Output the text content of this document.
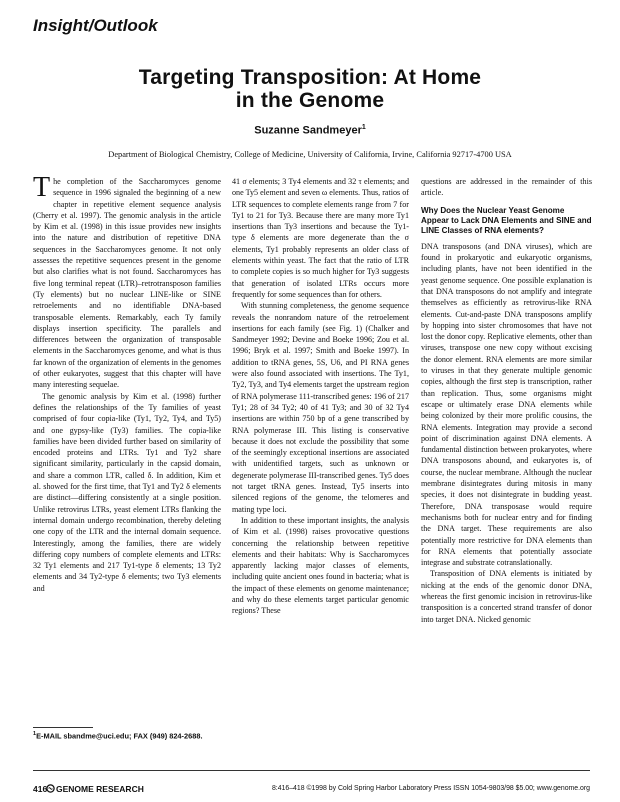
Insight/Outlook
Targeting Transposition: At Home
in the Genome
Suzanne Sandmeyer$^1$
Department of Biological Chemistry, College of Medicine, University of California, Irvine, California 92717-4700 USA

The completion of the Saccharomyces genome sequence in 1996 signaled the beginning of a new chapter in repetitive element sequence analysis (Cherry et al. 1997). The genomic analysis in the article by Kim et al. (1998) in this issue provides new insights into the nature and distribution of repetitive DNA sequences in the Saccharomyces genome. It not only assesses the repetitive sequences present in the genome but also clarifies what is not found. Saccharomyces has five long terminal repeat (LTR)–retrotransposon families (Ty elements) but no nuclear LINE-like or SINE retroelements and no identifiable DNA-based transposable elements. Remarkably, each Ty family displays insertion specificity. The parallels and differences between the organization of transposable elements in the Saccharomyces genome, and what is thus far known of the organization of elements in the genomes of other eukaryotes, suggest that this chapter will have many interesting sequelae.

The genomic analysis by Kim et al. (1998) further defines the relationships of the Ty families of yeast comprised of four copia-like (Ty1, Ty2, Ty4, and Ty5) and one gypsy-like (Ty3) families. The copia-like families have been divided further based on similarity of encoded proteins and LTRs. Ty1 and Ty2 share significant similarity, particularly in the capsid domain, and share a common LTR, called δ. In addition, Kim et al. showed for the first time, that Ty1 and Ty2 δ elements are distinct—differing consistently at a single position. Unlike retrovirus LTRs, yeast element LTRs flanking the internal domain undergo recombination, thereby deleting one copy of the LTR and the internal domain sequence. Interestingly, among the families, there are widely differing copy numbers of complete elements and LTRs: 32 Ty1 elements and 217 Ty1-type δ elements; 13 Ty2 elements and 34 Ty2-type δ elements; two Ty3 elements and

41 σ elements; 3 Ty4 elements and 32 τ elements; and one Ty5 element and seven ω elements. Thus, ratios of LTR sequences to complete elements range from 7 for Ty1 to 21 for Ty3. Because there are many more Ty1 insertions than Ty3 insertions and because the Ty1-type δ elements are more degenerate than the σ elements, Ty1 probably represents an older class of elements within yeast. The fact that the ratio of LTR to complete copies is so much higher for Ty3 suggests that generation of isolated LTRs occurs more frequently for some sequences than for others.

With stunning completeness, the genome sequence reveals the nonrandom nature of the retroelement insertions for each family (see Fig. 1) (Chalker and Sandmeyer 1992; Devine and Boeke 1996; Zou et al. 1996; Bryk et al. 1997; Smith and Boeke 1997). In addition to tRNA genes, 5S, U6, and PI RNA genes were also found associated with insertions. The Ty1, Ty2, Ty3, and Ty4 elements target the upstream region of RNA polymerase 111-transcribed genes: 196 of 217 Ty1; 28 of 34 Ty2; 40 of 41 Ty3; and 30 of 32 Ty4 insertions are within 750 bp of a gene transcribed by RNA polymerase III. This listing is conservative because it does not exclude the possibility that some of the seemingly exceptional insertions are associated with unidentified targets, such as unknown or degenerate polymerase III-transcribed genes. Ty5 does not target tRNA genes. Instead, Ty5 inserts into silenced regions of the genome, the telomeres and mating type loci.

In addition to these important insights, the analysis of Kim et al. (1998) raises provocative questions concerning the relationship between repetitive elements and their habitats: Why is Saccharomyces apparently lacking major classes of elements, including quite ancient ones found in bacteria; what is the impact of these elements on genome maintenance; and why do these elements target particular genomic regions? These

questions are addressed in the remainder of this article.

Why Does the Nuclear Yeast Genome Appear to Lack DNA Elements and SINE and LINE Classes of RNA elements?

DNA transposons (and DNA viruses), which are found in prokaryotic and eukaryotic organisms, including plants, have not been identified in the yeast genome sequence. One possible explanation is that DNA transposons do not amplify and integrate themselves as efficiently as retrovirus-like RNA elements. Cut-and-paste DNA transposons amplify by hopping into sister chromosomes that have not lost the donor copy. Replicative elements, other than viruses, transpose one new copy without excising the donor element. RNA elements are more similar to viruses in that they generate multiple genomic copies, although the first step is transcription, rather than replication. Thus, some organisms might escape or ultimately erase DNA elements while being colonized by their more prolific cousins, the RNA elements. Integration may provide a second point of discrimination against DNA elements. A fundamental distinction between prokaryotes, where DNA transposons abound, and eukaryotes is, of course, the nuclear membrane. Although the nuclear membrane disintegrates during mitosis in many species, it does not disintegrate in budding yeast. Therefore, DNA transposase would require mechanisms both for nuclear entry and for finding the DNA target. These requirements are also potentially more restrictive for DNA elements than for RNA elements that potentially associate integrase and substrate cotranslationally.

Transposition of DNA elements is initiated by nicking at the ends of the genomic donor DNA, whereas the first genomic incision in retrovirus-like transposition is a concerted strand transfer of donor into target DNA. Nicked genomic

$^1$E-MAIL sbandme@uci.edu; FAX (949) 824-2688.
416 GENOME RESEARCH	8:416–418 ©1998 by Cold Spring Harbor Laboratory Press ISSN 1054-9803/98 $5.00; www.genome.org
